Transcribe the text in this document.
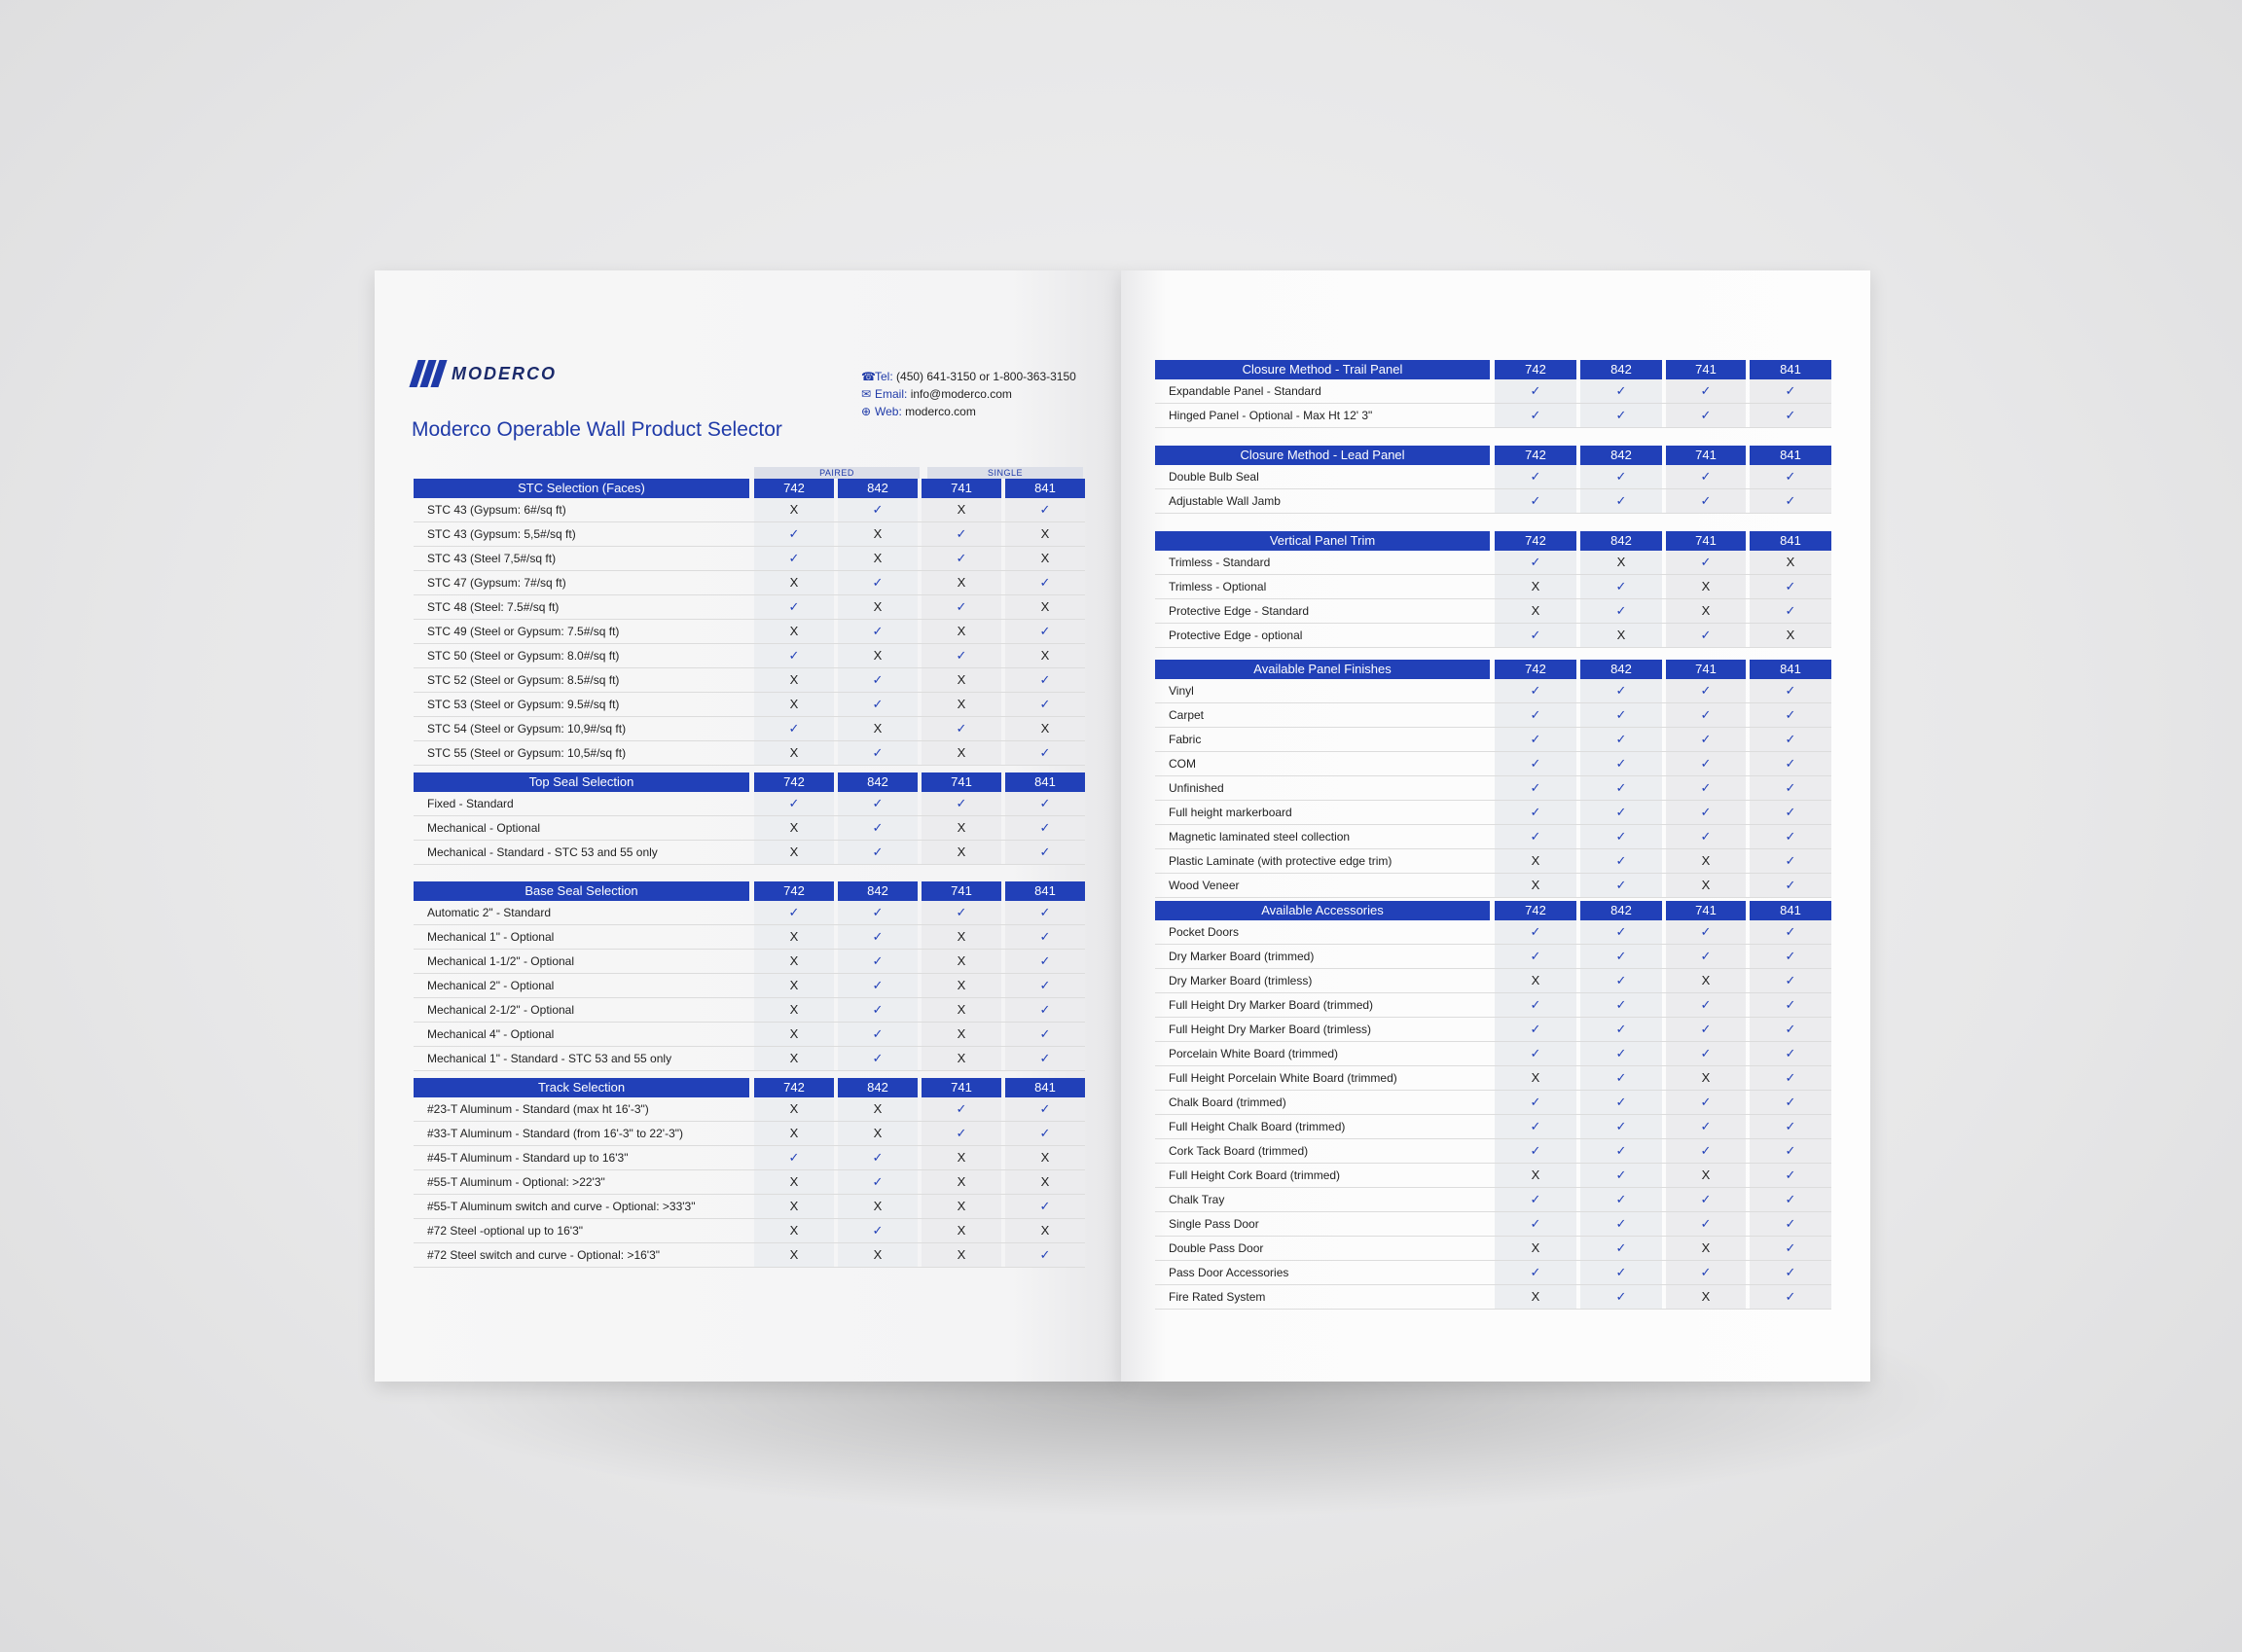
MODERCO	☎Tel: (450) 641-3150 or 1-800-363-3150
✉ Email: info@moderco.com
⊕ Web: moderco.com
Moderco Operable Wall Product Selector
PAIRED	SINGLE
STC Selection (Faces)	742	842	741	841
STC 43 (Gypsum: 6#/sq ft)	X	✓	X	✓
STC 43 (Gypsum: 5,5#/sq ft)	✓	X	✓	X
STC 43 (Steel 7,5#/sq ft)	✓	X	✓	X
STC 47 (Gypsum: 7#/sq ft)	X	✓	X	✓
STC 48 (Steel: 7.5#/sq ft)	✓	X	✓	X
STC 49 (Steel or Gypsum: 7.5#/sq ft)	X	✓	X	✓
STC 50 (Steel or Gypsum: 8.0#/sq ft)	✓	X	✓	X
STC 52 (Steel or Gypsum: 8.5#/sq ft)	X	✓	X	✓
STC 53 (Steel or Gypsum: 9.5#/sq ft)	X	✓	X	✓
STC 54 (Steel or Gypsum: 10,9#/sq ft)	✓	X	✓	X
STC 55 (Steel or Gypsum: 10,5#/sq ft)	X	✓	X	✓
Top Seal Selection	742	842	741	841
Fixed - Standard	✓	✓	✓	✓
Mechanical - Optional	X	✓	X	✓
Mechanical - Standard - STC 53 and 55 only	X	✓	X	✓
Base Seal Selection	742	842	741	841
Automatic 2" - Standard	✓	✓	✓	✓
Mechanical 1" - Optional	X	✓	X	✓
Mechanical 1-1/2" - Optional	X	✓	X	✓
Mechanical 2" - Optional	X	✓	X	✓
Mechanical 2-1/2" - Optional	X	✓	X	✓
Mechanical 4" - Optional	X	✓	X	✓
Mechanical 1" - Standard - STC 53 and 55 only	X	✓	X	✓
Track Selection	742	842	741	841
#23-T Aluminum - Standard (max ht 16'-3")	X	X	✓	✓
#33-T Aluminum - Standard (from 16'-3" to 22'-3")	X	X	✓	✓
#45-T Aluminum - Standard up to 16'3"	✓	✓	X	X
#55-T Aluminum - Optional: >22'3"	X	✓	X	X
#55-T Aluminum switch and curve - Optional: >33'3"	X	X	X	✓
#72 Steel -optional up to 16'3"	X	✓	X	X
#72 Steel switch and curve - Optional: >16'3"	X	X	X	✓
Closure Method - Trail Panel	742	842	741	841
Expandable Panel - Standard	✓	✓	✓	✓
Hinged Panel - Optional - Max Ht 12' 3"	✓	✓	✓	✓
Closure Method - Lead Panel	742	842	741	841
Double Bulb Seal	✓	✓	✓	✓
Adjustable Wall Jamb	✓	✓	✓	✓
Vertical Panel Trim	742	842	741	841
Trimless - Standard	✓	X	✓	X
Trimless - Optional	X	✓	X	✓
Protective Edge - Standard	X	✓	X	✓
Protective Edge - optional	✓	X	✓	X
Available Panel Finishes	742	842	741	841
Vinyl	✓	✓	✓	✓
Carpet	✓	✓	✓	✓
Fabric	✓	✓	✓	✓
COM	✓	✓	✓	✓
Unfinished	✓	✓	✓	✓
Full height markerboard	✓	✓	✓	✓
Magnetic laminated steel collection	✓	✓	✓	✓
Plastic Laminate (with protective edge trim)	X	✓	X	✓
Wood Veneer	X	✓	X	✓
Available Accessories	742	842	741	841
Pocket Doors	✓	✓	✓	✓
Dry Marker Board (trimmed)	✓	✓	✓	✓
Dry Marker Board (trimless)	X	✓	X	✓
Full Height Dry Marker Board (trimmed)	✓	✓	✓	✓
Full Height Dry Marker Board (trimless)	✓	✓	✓	✓
Porcelain White Board (trimmed)	✓	✓	✓	✓
Full Height Porcelain White Board (trimmed)	X	✓	X	✓
Chalk Board (trimmed)	✓	✓	✓	✓
Full Height Chalk Board (trimmed)	✓	✓	✓	✓
Cork Tack Board (trimmed)	✓	✓	✓	✓
Full Height Cork Board (trimmed)	X	✓	X	✓
Chalk Tray	✓	✓	✓	✓
Single Pass Door	✓	✓	✓	✓
Double Pass Door	X	✓	X	✓
Pass Door Accessories	✓	✓	✓	✓
Fire Rated System	X	✓	X	✓
